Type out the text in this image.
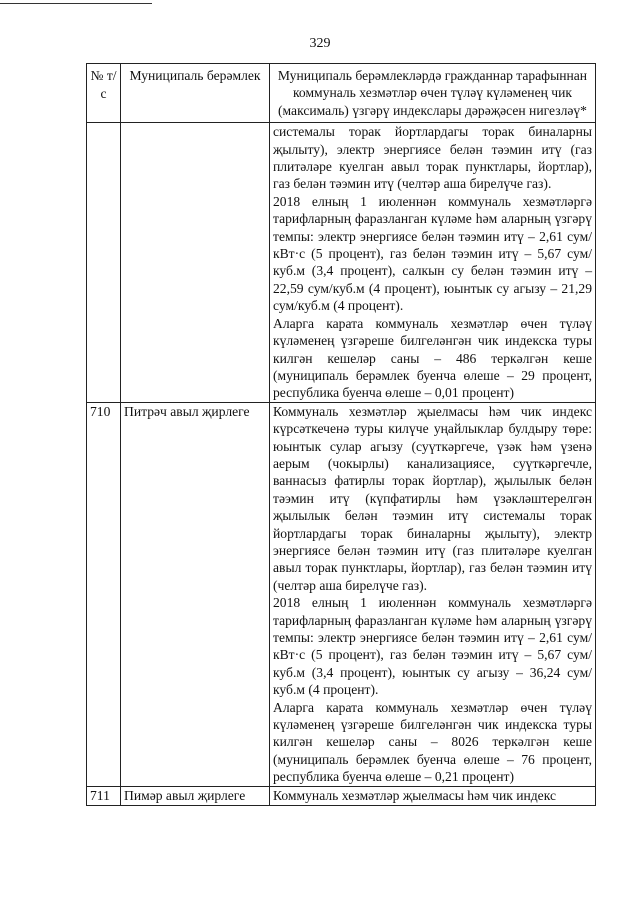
329
№ т/с	Муниципаль берәмлек	Муниципаль берәмлекләрдә гражданнар тарафыннан коммуналь хезмәтләр өчен түләү күләменең чик (максималь) үзгәрү индекслары дәрәҗәсен нигезләү*

		системалы торак йортлардагы торак биналарны җылыту), электр энергиясе белән тәэмин итү (газ плитәләре куелган авыл торак пунктлары, йортлар), газ белән тәэмин итү (челтәр аша бирелүче газ).

2018 елның 1 июленнән коммуналь хезмәтләргә тарифларның фаразланган күләме һәм аларның үзгәрү темпы: электр энергиясе белән тәэмин итү – 2,61 сум/кВт·с (5 процент), газ белән тәэмин итү – 5,67 сум/куб.м (3,4 процент), салкын су белән тәэмин итү – 22,59 сум/куб.м (4 процент), юынтык су агызу – 21,29 сум/куб.м (4 процент).

Аларга карата коммуналь хезмәтләр өчен түләү күләменең үзгәреше билгеләнгән чик индекска туры килгән кешеләр саны – 486 теркәлгән кеше (муниципаль берәмлек буенча өлеше – 29 процент, республика буенча өлеше – 0,01 процент)

710	Питрәч авыл җирлеге	Коммуналь хезмәтләр җыелмасы һәм чик индекс күрсәткеченә туры килүче уңайлыклар булдыру төре: юынтык сулар агызу (суүткәргече, үзәк һәм үзенә аерым (чокырлы) канализациясе, суүткәргечле, ваннасыз фатирлы торак йортлар), җылылык белән тәэмин итү (күпфатирлы һәм үзәкләштерелгән җылылык белән тәэмин итү системалы торак йортлардагы торак биналарны җылыту), электр энергиясе белән тәэмин итү (газ плитәләре куелган авыл торак пунктлары, йортлар), газ белән тәэмин итү (челтәр аша бирелүче газ).

2018 елның 1 июленнән коммуналь хезмәтләргә тарифларның фаразланган күләме һәм аларның үзгәрү темпы: электр энергиясе белән тәэмин итү – 2,61 сум/кВт·с (5 процент), газ белән тәэмин итү – 5,67 сум/куб.м (3,4 процент), юынтык су агызу – 36,24 сум/куб.м (4 процент).

Аларга карата коммуналь хезмәтләр өчен түләү күләменең үзгәреше билгеләнгән чик индекска туры килгән кешеләр саны – 8026 теркәлгән кеше (муниципаль берәмлек буенча өлеше – 76 процент, республика буенча өлеше – 0,21 процент)

711	Пимәр авыл җирлеге	Коммуналь хезмәтләр җыелмасы һәм чик индекс
